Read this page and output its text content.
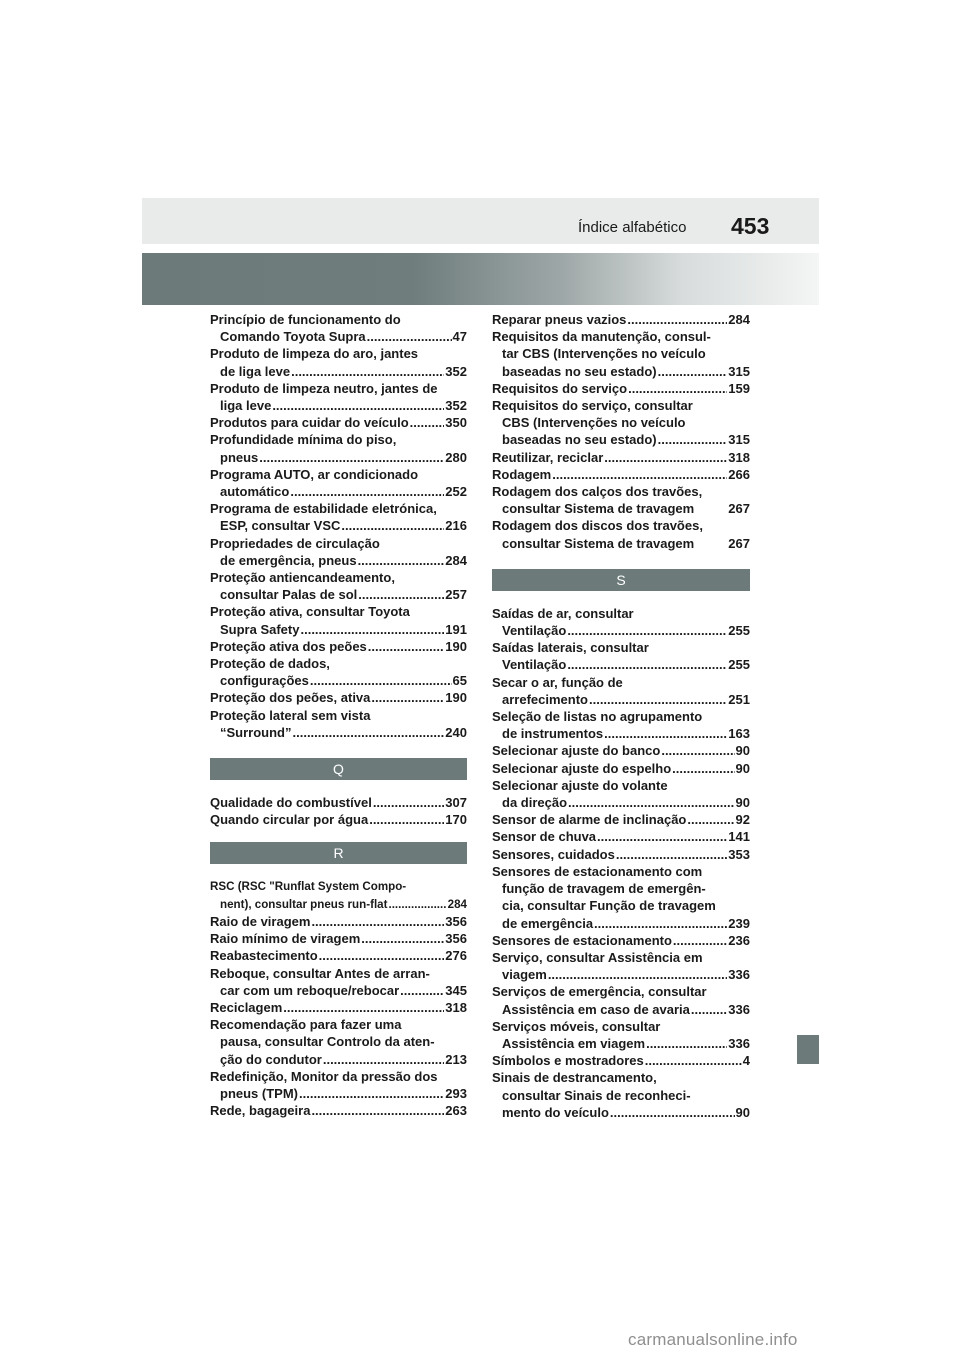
Índice alfabético 453
Princípio de funcionamento do
Comando Toyota Supra .....	47
Produto de limpeza do aro, jantes
de liga leve .....	352
Produto de limpeza neutro, jantes de
liga leve .....	352
Produtos para cuidar do veículo .....	350
Profundidade mínima do piso,
pneus .....	280
Programa AUTO, ar condicionado
automático .....	252
Programa de estabilidade eletrónica,
ESP, consultar VSC .....	216
Propriedades de circulação
de emergência, pneus .....	284
Proteção antiencandeamento,
consultar Palas de sol .....	257
Proteção ativa, consultar Toyota
Supra Safety .....	191
Proteção ativa dos peões .....	190
Proteção de dados,
configurações .....	65
Proteção dos peões, ativa .....	190
Proteção lateral sem vista
“Surround” .....	240
Q
Qualidade do combustível .....	307
Quando circular por água .....	170
R
RSC (RSC "Runflat System Compo-
nent), consultar pneus run-flat .....	284
Raio de viragem .....	356
Raio mínimo de viragem .....	356
Reabastecimento .....	276
Reboque, consultar Antes de arran-
car com um reboque/rebocar .....	345
Reciclagem .....	318
Recomendação para fazer uma
pausa, consultar Controlo da aten-
ção do condutor .....	213
Redefinição, Monitor da pressão dos
pneus (TPM) .....	293
Rede, bagageira .....	263
Reparar pneus vazios .....	284
Requisitos da manutenção, consul-
tar CBS (Intervenções no veículo
baseadas no seu estado) .....	315
Requisitos do serviço .....	159
Requisitos do serviço, consultar
CBS (Intervenções no veículo
baseadas no seu estado) .....	315
Reutilizar, reciclar .....	318
Rodagem .....	266
Rodagem dos calços dos travões,
consultar Sistema de travagem	267
Rodagem dos discos dos travões,
consultar Sistema de travagem	267
S
Saídas de ar, consultar
Ventilação .....	255
Saídas laterais, consultar
Ventilação .....	255
Secar o ar, função de
arrefecimento .....	251
Seleção de listas no agrupamento
de instrumentos .....	163
Selecionar ajuste do banco .....	90
Selecionar ajuste do espelho .....	90
Selecionar ajuste do volante
da direção .....	90
Sensor de alarme de inclinação .....	92
Sensor de chuva .....	141
Sensores, cuidados .....	353
Sensores de estacionamento com
função de travagem de emergên-
cia, consultar Função de travagem
de emergência .....	239
Sensores de estacionamento .....	236
Serviço, consultar Assistência em
viagem .....	336
Serviços de emergência, consultar
Assistência em caso de avaria .....	336
Serviços móveis, consultar
Assistência em viagem .....	336
Símbolos e mostradores .....	4
Sinais de destrancamento,
consultar Sinais de reconheci-
mento do veículo .....	90
carmanualsonline.info
